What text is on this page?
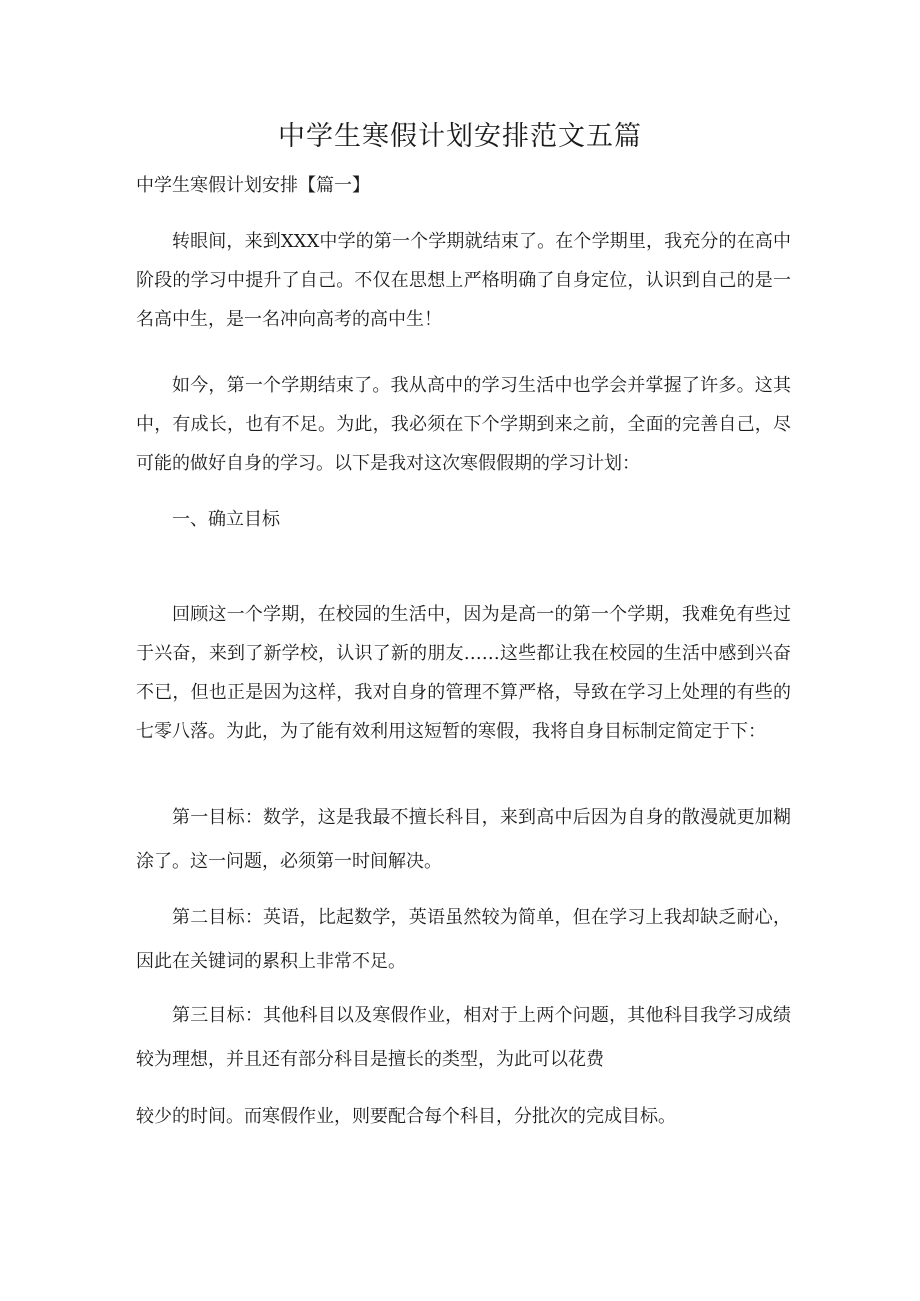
中学生寒假计划安排范文五篇
中学生寒假计划安排【篇一】

转眼间，来到XXX中学的第一个学期就结束了。在个学期里，我充分的在高中阶段的学习中提升了自己。不仅在思想上严格明确了自身定位，认识到自己的是一名高中生，是一名冲向高考的高中生！

如今，第一个学期结束了。我从高中的学习生活中也学会并掌握了许多。这其中，有成长，也有不足。为此，我必须在下个学期到来之前，全面的完善自己，尽可能的做好自身的学习。以下是我对这次寒假假期的学习计划：

一、确立目标

回顾这一个学期，在校园的生活中，因为是高一的第一个学期，我难免有些过于兴奋，来到了新学校，认识了新的朋友……这些都让我在校园的生活中感到兴奋不已，但也正是因为这样，我对自身的管理不算严格，导致在学习上处理的有些的七零八落。为此，为了能有效利用这短暂的寒假，我将自身目标制定简定于下：

第一目标：数学，这是我最不擅长科目，来到高中后因为自身的散漫就更加糊涂了。这一问题，必须第一时间解决。

第二目标：英语，比起数学，英语虽然较为简单，但在学习上我却缺乏耐心，因此在关键词的累积上非常不足。

第三目标：其他科目以及寒假作业，相对于上两个问题，其他科目我学习成绩较为理想，并且还有部分科目是擅长的类型，为此可以花费

较少的时间。而寒假作业，则要配合每个科目，分批次的完成目标。
